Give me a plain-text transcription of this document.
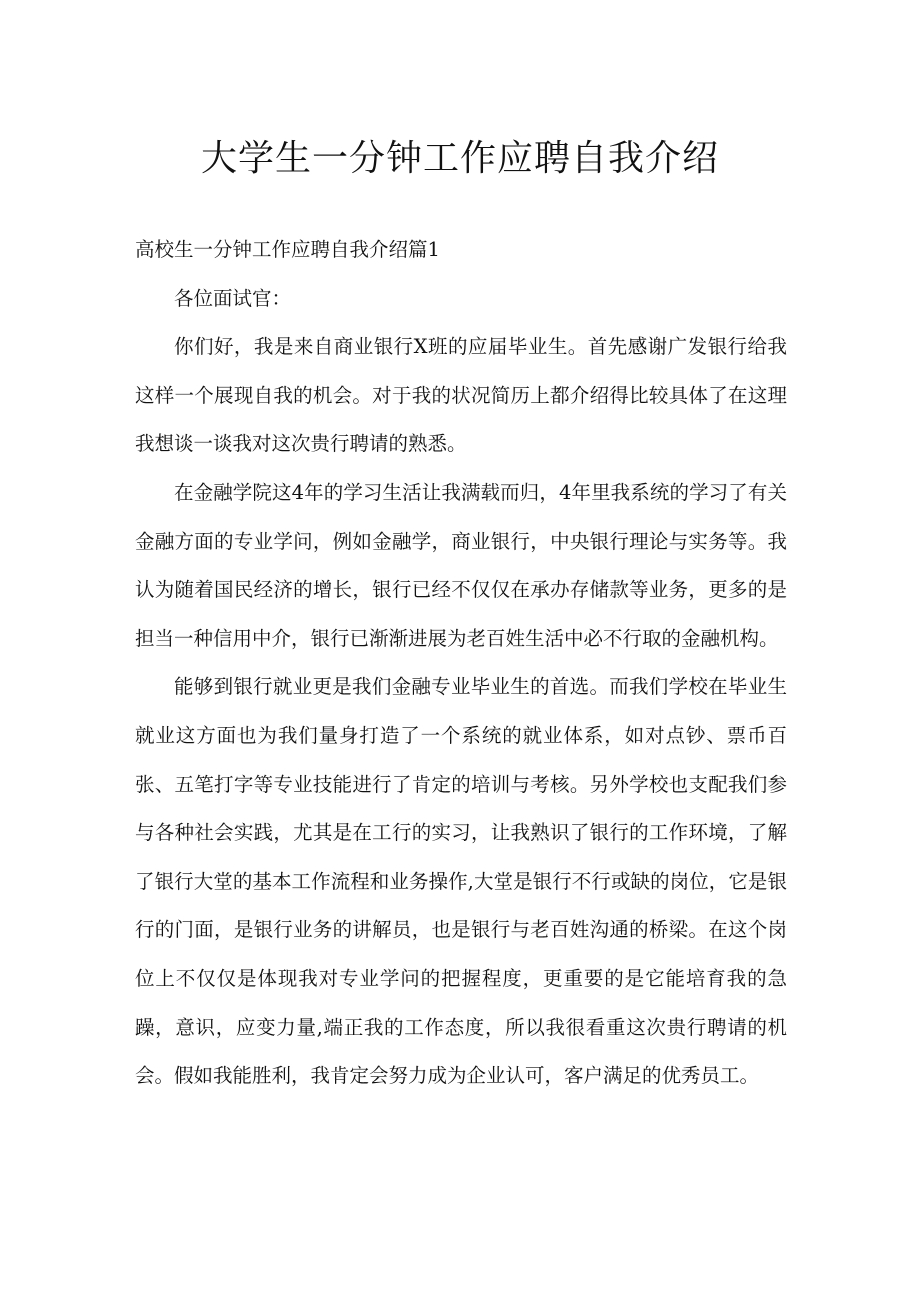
大学生一分钟工作应聘自我介绍

高校生一分钟工作应聘自我介绍篇1

各位面试官：

你们好，我是来自商业银行X班的应届毕业生。首先感谢广发银行给我这样一个展现自我的机会。对于我的状况简历上都介绍得比较具体了在这理我想谈一谈我对这次贵行聘请的熟悉。

在金融学院这4年的学习生活让我满载而归，4年里我系统的学习了有关金融方面的专业学问，例如金融学，商业银行，中央银行理论与实务等。我认为随着国民经济的增长，银行已经不仅仅在承办存储款等业务，更多的是担当一种信用中介，银行已渐渐进展为老百姓生活中必不行取的金融机构。

能够到银行就业更是我们金融专业毕业生的首选。而我们学校在毕业生就业这方面也为我们量身打造了一个系统的就业体系，如对点钞、票币百张、五笔打字等专业技能进行了肯定的培训与考核。另外学校也支配我们参与各种社会实践，尤其是在工行的实习，让我熟识了银行的工作环境，了解了银行大堂的基本工作流程和业务操作,大堂是银行不行或缺的岗位，它是银行的门面，是银行业务的讲解员，也是银行与老百姓沟通的桥梁。在这个岗位上不仅仅是体现我对专业学问的把握程度，更重要的是它能培育我的急躁，意识，应变力量,端正我的工作态度，所以我很看重这次贵行聘请的机会。假如我能胜利，我肯定会努力成为企业认可，客户满足的优秀员工。
